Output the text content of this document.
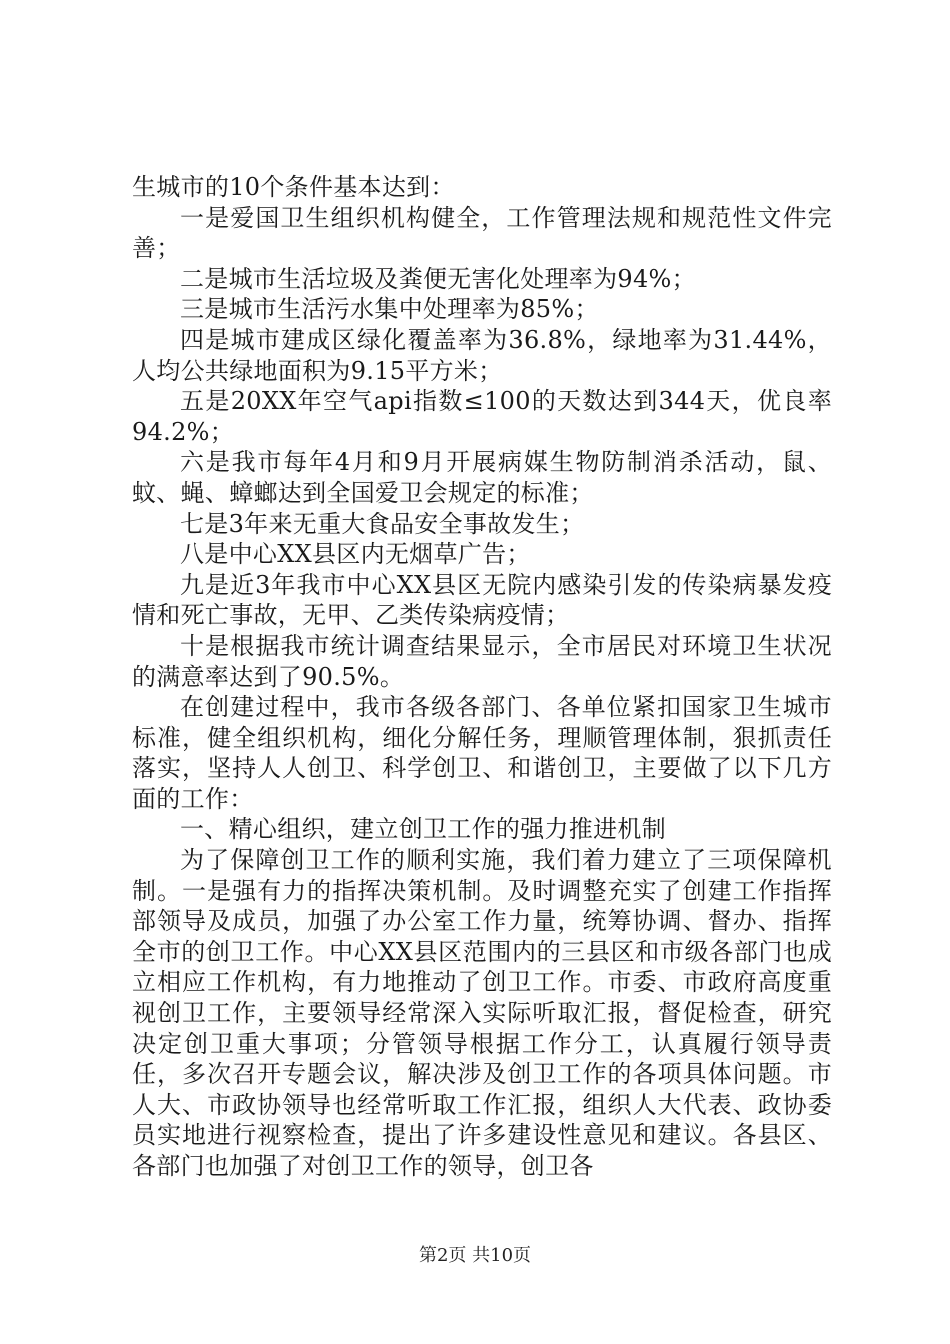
生城市的10个条件基本达到：

一是爱国卫生组织机构健全，工作管理法规和规范性文件完善；

二是城市生活垃圾及粪便无害化处理率为94%；

三是城市生活污水集中处理率为85%；

四是城市建成区绿化覆盖率为36.8%，绿地率为31.44%，人均公共绿地面积为9.15平方米；

五是20XX年空气api指数≤100的天数达到344天，优良率94.2%；

六是我市每年4月和9月开展病媒生物防制消杀活动，鼠、蚊、蝇、蟑螂达到全国爱卫会规定的标准；

七是3年来无重大食品安全事故发生；

八是中心XX县区内无烟草广告；

九是近3年我市中心XX县区无院内感染引发的传染病暴发疫情和死亡事故，无甲、乙类传染病疫情；

十是根据我市统计调查结果显示，全市居民对环境卫生状况的满意率达到了90.5%。

在创建过程中，我市各级各部门、各单位紧扣国家卫生城市标准，健全组织机构，细化分解任务，理顺管理体制，狠抓责任落实，坚持人人创卫、科学创卫、和谐创卫，主要做了以下几方面的工作：

一、精心组织，建立创卫工作的强力推进机制

为了保障创卫工作的顺利实施，我们着力建立了三项保障机制。一是强有力的指挥决策机制。及时调整充实了创建工作指挥部领导及成员，加强了办公室工作力量，统筹协调、督办、指挥全市的创卫工作。中心XX县区范围内的三县区和市级各部门也成立相应工作机构，有力地推动了创卫工作。市委、市政府高度重视创卫工作，主要领导经常深入实际听取汇报，督促检查，研究决定创卫重大事项；分管领导根据工作分工，认真履行领导责任，多次召开专题会议，解决涉及创卫工作的各项具体问题。市人大、市政协领导也经常听取工作汇报，组织人大代表、政协委员实地进行视察检查，提出了许多建设性意见和建议。各县区、各部门也加强了对创卫工作的领导，创卫各

第2页 共10页
